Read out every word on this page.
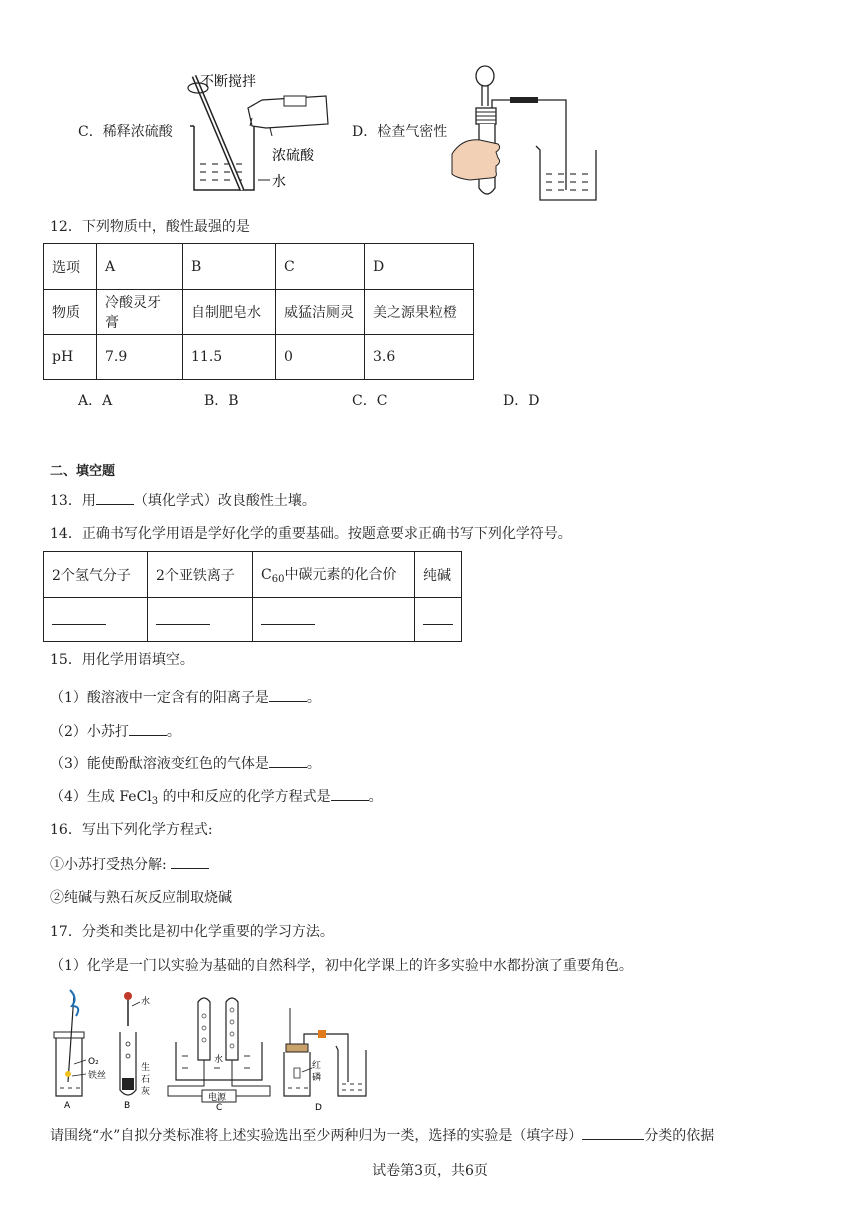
C．稀释浓硫酸
不断搅拌
浓硫酸
水
D．检查气密性
12．下列物质中，酸性最强的是
选项	A	B	C	D
物质	冷酸灵牙膏	自制肥皂水	威猛洁厕灵	美之源果粒橙
pH	7.9	11.5	0	3.6
A．A	B．B	C．C	D．D
二、填空题
13．用	（填化学式）改良酸性土壤。
14．正确书写化学用语是学好化学的重要基础。按题意要求正确书写下列化学符号。
2个氢气分子	2个亚铁离子	$C_{60}$中碳元素的化合价	纯碱

15．用化学用语填空。
（1）酸溶液中一定含有的阳离子是	。
（2）小苏打	。
（3）能使酚酞溶液变红色的气体是	。
（4）生成 FeCl$_3$ 的中和反应的化学方程式是	。
16．写出下列化学方程式:
①小苏打受热分解:
②纯碱与熟石灰反应制取烧碱
17．分类和类比是初中化学重要的学习方法。
（1）化学是一门以实验为基础的自然科学，初中化学课上的许多实验中水都扮演了重要角色。
O₂
铁丝
A
水
生
石
灰
B
电源
水
C
红
磷
D
请围绕“水”自拟分类标准将上述实验选出至少两种归为一类，选择的实验是（填字母）	分类的依据
试卷第3页，共6页
